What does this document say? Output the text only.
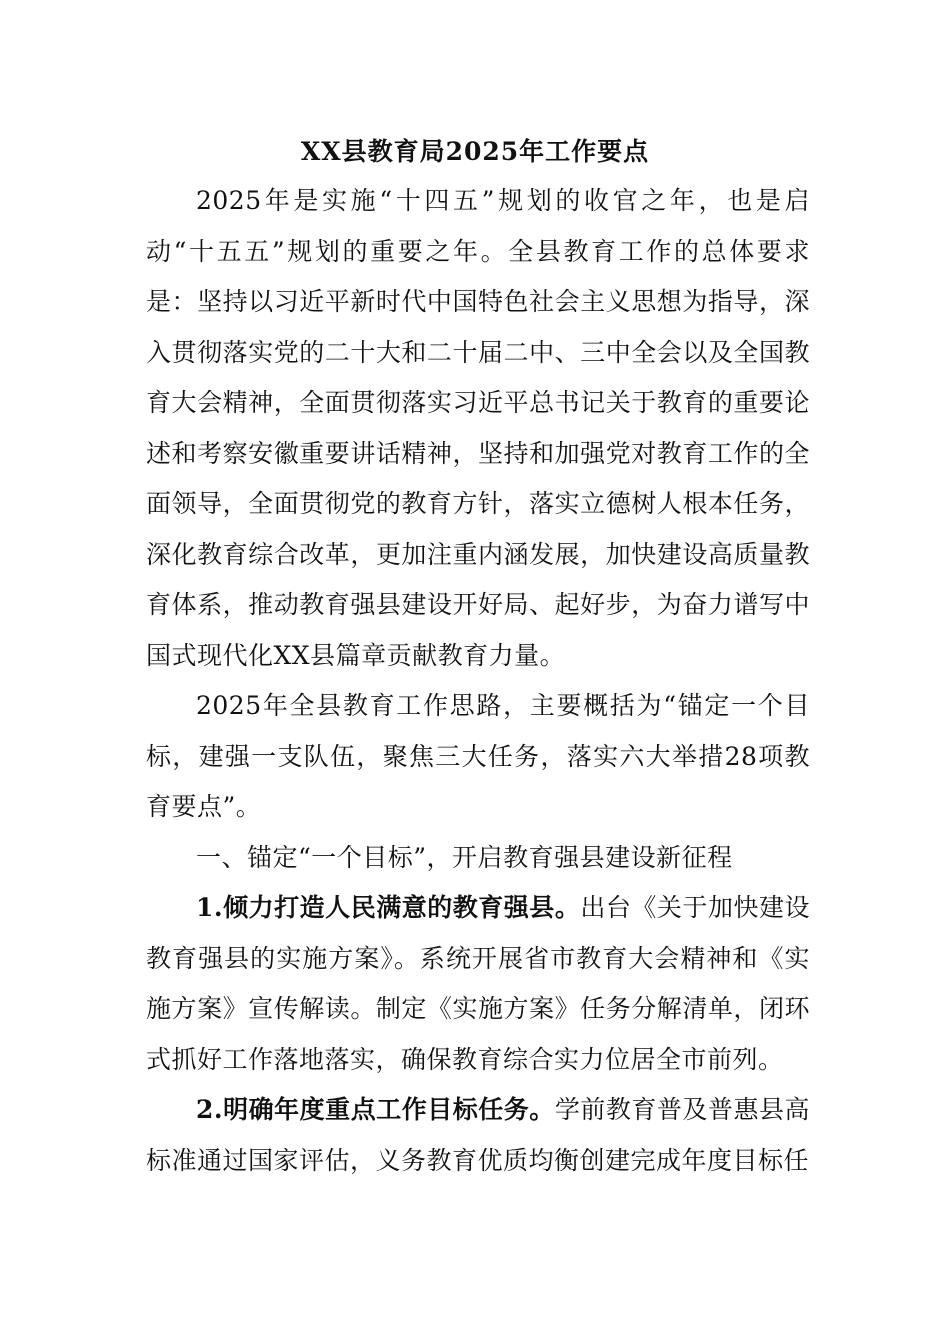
XX县教育局2025年工作要点

2025年是实施“十四五”规划的收官之年，也是启动“十五五”规划的重要之年。全县教育工作的总体要求是：坚持以习近平新时代中国特色社会主义思想为指导，深入贯彻落实党的二十大和二十届二中、三中全会以及全国教育大会精神，全面贯彻落实习近平总书记关于教育的重要论述和考察安徽重要讲话精神，坚持和加强党对教育工作的全面领导，全面贯彻党的教育方针，落实立德树人根本任务，深化教育综合改革，更加注重内涵发展，加快建设高质量教育体系，推动教育强县建设开好局、起好步，为奋力谱写中国式现代化XX县篇章贡献教育力量。

2025年全县教育工作思路，主要概括为“锚定一个目标，建强一支队伍，聚焦三大任务，落实六大举措28项教育要点”。

一、锚定“一个目标”，开启教育强县建设新征程

1.倾力打造人民满意的教育强县。出台《关于加快建设教育强县的实施方案》。系统开展省市教育大会精神和《实施方案》宣传解读。制定《实施方案》任务分解清单，闭环式抓好工作落地落实，确保教育综合实力位居全市前列。

2.明确年度重点工作目标任务。学前教育普及普惠县高标准通过国家评估，义务教育优质均衡创建完成年度目标任
